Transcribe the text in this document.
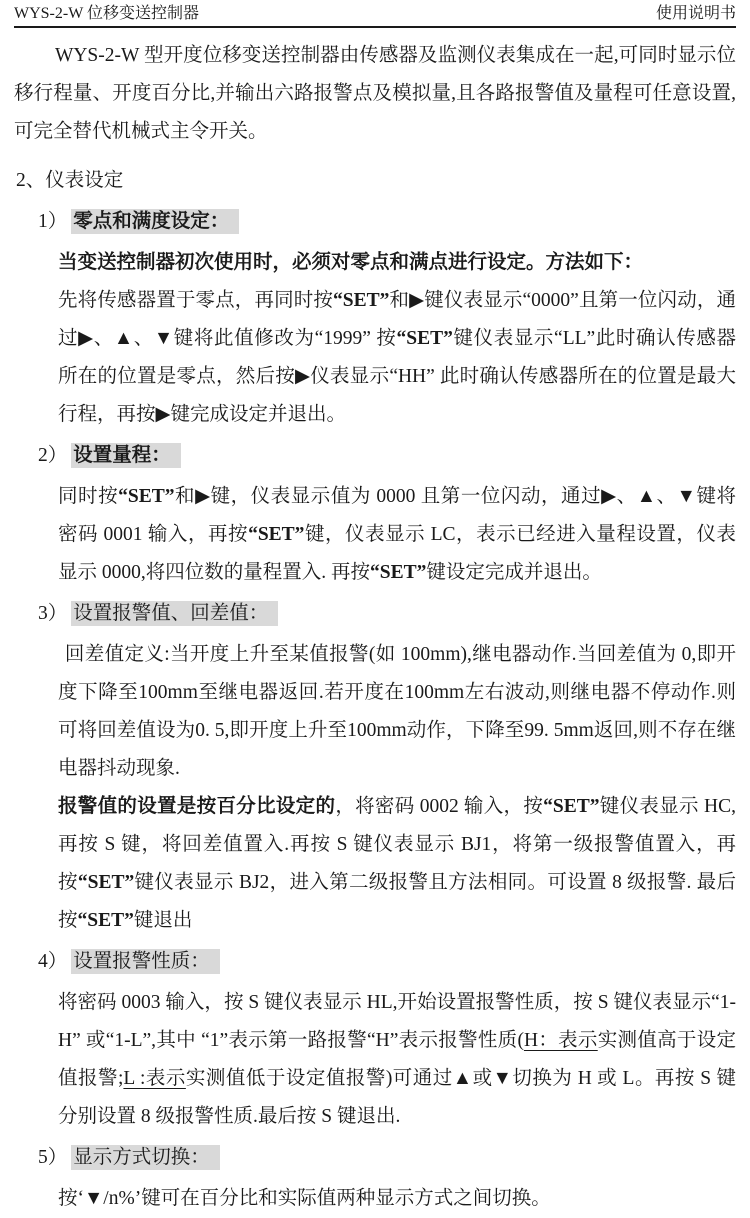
WYS-2-W 位移变送控制器	使用说明书

WYS-2-W 型开度位移变送控制器由传感器及监测仪表集成在一起,可同时显示位移行程量、开度百分比,并输出六路报警点及模拟量,且各路报警值及量程可任意设置,可完全替代机械式主令开关。

2、仪表设定
1） 零点和满度设定：

当变送控制器初次使用时，必须对零点和满点进行设定。方法如下：

先将传感器置于零点，再同时按“SET”和▶键仪表显示“0000”且第一位闪动，通过▶、▲、▼键将此值修改为“1999” 按“SET”键仪表显示“LL”此时确认传感器所在的位置是零点，然后按▶仪表显示“HH” 此时确认传感器所在的位置是最大行程，再按▶键完成设定并退出。

2） 设置量程：

同时按“SET”和▶键，仪表显示值为 0000 且第一位闪动，通过▶、▲、▼键将密码 0001 输入，再按“SET”键，仪表显示 LC，表示已经进入量程设置，仪表显示 0000,将四位数的量程置入. 再按“SET”键设定完成并退出。

3） 设置报警值、回差值：

回差值定义:当开度上升至某值报警(如 100mm),继电器动作.当回差值为 0,即开度下降至100mm至继电器返回.若开度在100mm左右波动,则继电器不停动作.则可将回差值设为0. 5,即开度上升至100mm动作，下降至99. 5mm返回,则不存在继电器抖动现象.

报警值的设置是按百分比设定的，将密码 0002 输入，按“SET”键仪表显示 HC, 再按 S 键，将回差值置入.再按 S 键仪表显示 BJ1，将第一级报警值置入，再按“SET”键仪表显示 BJ2，进入第二级报警且方法相同。可设置 8 级报警. 最后按“SET”键退出

4） 设置报警性质：

将密码 0003 输入，按 S 键仪表显示 HL,开始设置报警性质，按 S 键仪表显示“1-H” 或“1-L”,其中 “1”表示第一路报警“H”表示报警性质(H：表示实测值高于设定值报警;L :表示实测值低于设定值报警)可通过▲或▼切换为 H 或 L。再按 S 键分别设置 8 级报警性质.最后按 S 键退出.

5） 显示方式切换：

按‘▼/n%’键可在百分比和实际值两种显示方式之间切换。
